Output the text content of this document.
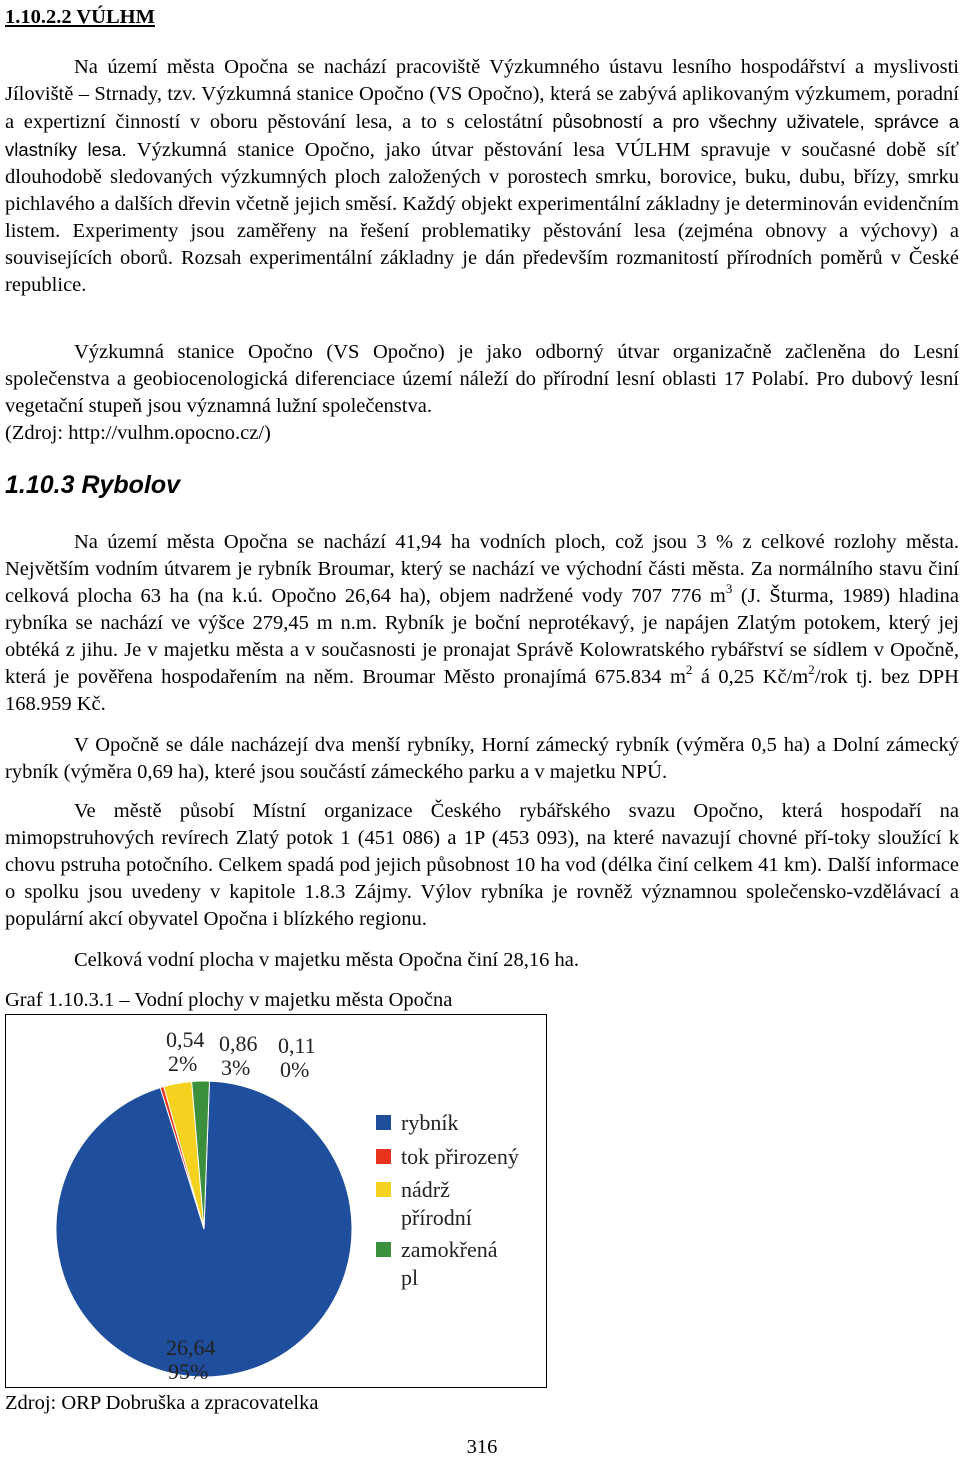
1.10.2.2 VÚLHM
Na území města Opočna se nachází pracoviště Výzkumného ústavu lesního hospodářství a myslivosti Jíloviště – Strnady, tzv. Výzkumná stanice Opočno (VS Opočno), která se zabývá aplikovaným výzkumem, poradní a expertizní činností v oboru pěstování lesa, a to s celostátní působností a pro všechny uživatele, správce a vlastníky lesa. Výzkumná stanice Opočno, jako útvar pěstování lesa VÚLHM spravuje v současné době síť dlouhodobě sledovaných výzkumných ploch založených v porostech smrku, borovice, buku, dubu, břízy, smrku pichlavého a dalších dřevin včetně jejich směsí. Každý objekt experimentální základny je determinován evidenčním listem. Experimenty jsou zaměřeny na řešení problematiky pěstování lesa (zejména obnovy a výchovy) a souvisejících oborů. Rozsah experimentální základny je dán především rozmanitostí přírodních poměrů v České republice.
Výzkumná stanice Opočno (VS Opočno) je jako odborný útvar organizačně začleněna do Lesní společenstva a geobiocenologická diferenciace území náleží do přírodní lesní oblasti 17 Polabí. Pro dubový lesní vegetační stupeň jsou významná lužní společenstva.
(Zdroj: http://vulhm.opocno.cz/)
1.10.3 Rybolov
Na území města Opočna se nachází 41,94 ha vodních ploch, což jsou 3 % z celkové rozlohy města. Největším vodním útvarem je rybník Broumar, který se nachází ve východní části města. Za normálního stavu činí celková plocha 63 ha (na k.ú. Opočno 26,64 ha), objem nadržené vody 707 776 $m^3$ (J. Šturma, 1989) hladina rybníka se nachází ve výšce 279,45 m n.m. Rybník je boční neprotékavý, je napájen Zlatým potokem, který jej obtéká z jihu. Je v majetku města a v současnosti je pronajat Správě Kolowratského rybářství se sídlem v Opočně, která je pověřena hospodařením na něm. Broumar Město pronajímá 675.834 $m^2$ á 0,25 $Kč/m^2$/rok tj. bez DPH 168.959 Kč.
V Opočně se dále nacházejí dva menší rybníky, Horní zámecký rybník (výměra 0,5 ha) a Dolní zámecký rybník (výměra 0,69 ha), které jsou součástí zámeckého parku a v majetku NPÚ.
Ve městě působí Místní organizace Českého rybářského svazu Opočno, která hospodaří na mimopstruhových revírech Zlatý potok 1 (451 086) a 1P (453 093), na které navazují chovné pří-toky sloužící k chovu pstruha potočního. Celkem spadá pod jejich působnost 10 ha vod (délka činí celkem 41 km). Další informace o spolku jsou uvedeny v kapitole 1.8.3 Zájmy. Výlov rybníka je rovněž významnou společensko-vzdělávací a populární akcí obyvatel Opočna i blízkého regionu.
Celková vodní plocha v majetku města Opočna činí 28,16 ha.
Graf 1.10.3.1 – Vodní plochy v majetku města Opočna
26,64
95%
0,11
0%
0,86
3%
0,54
2%
rybník
tok přirozený
nádrž
přírodní
zamokřená
pl
Zdroj: ORP Dobruška a zpracovatelka
316
